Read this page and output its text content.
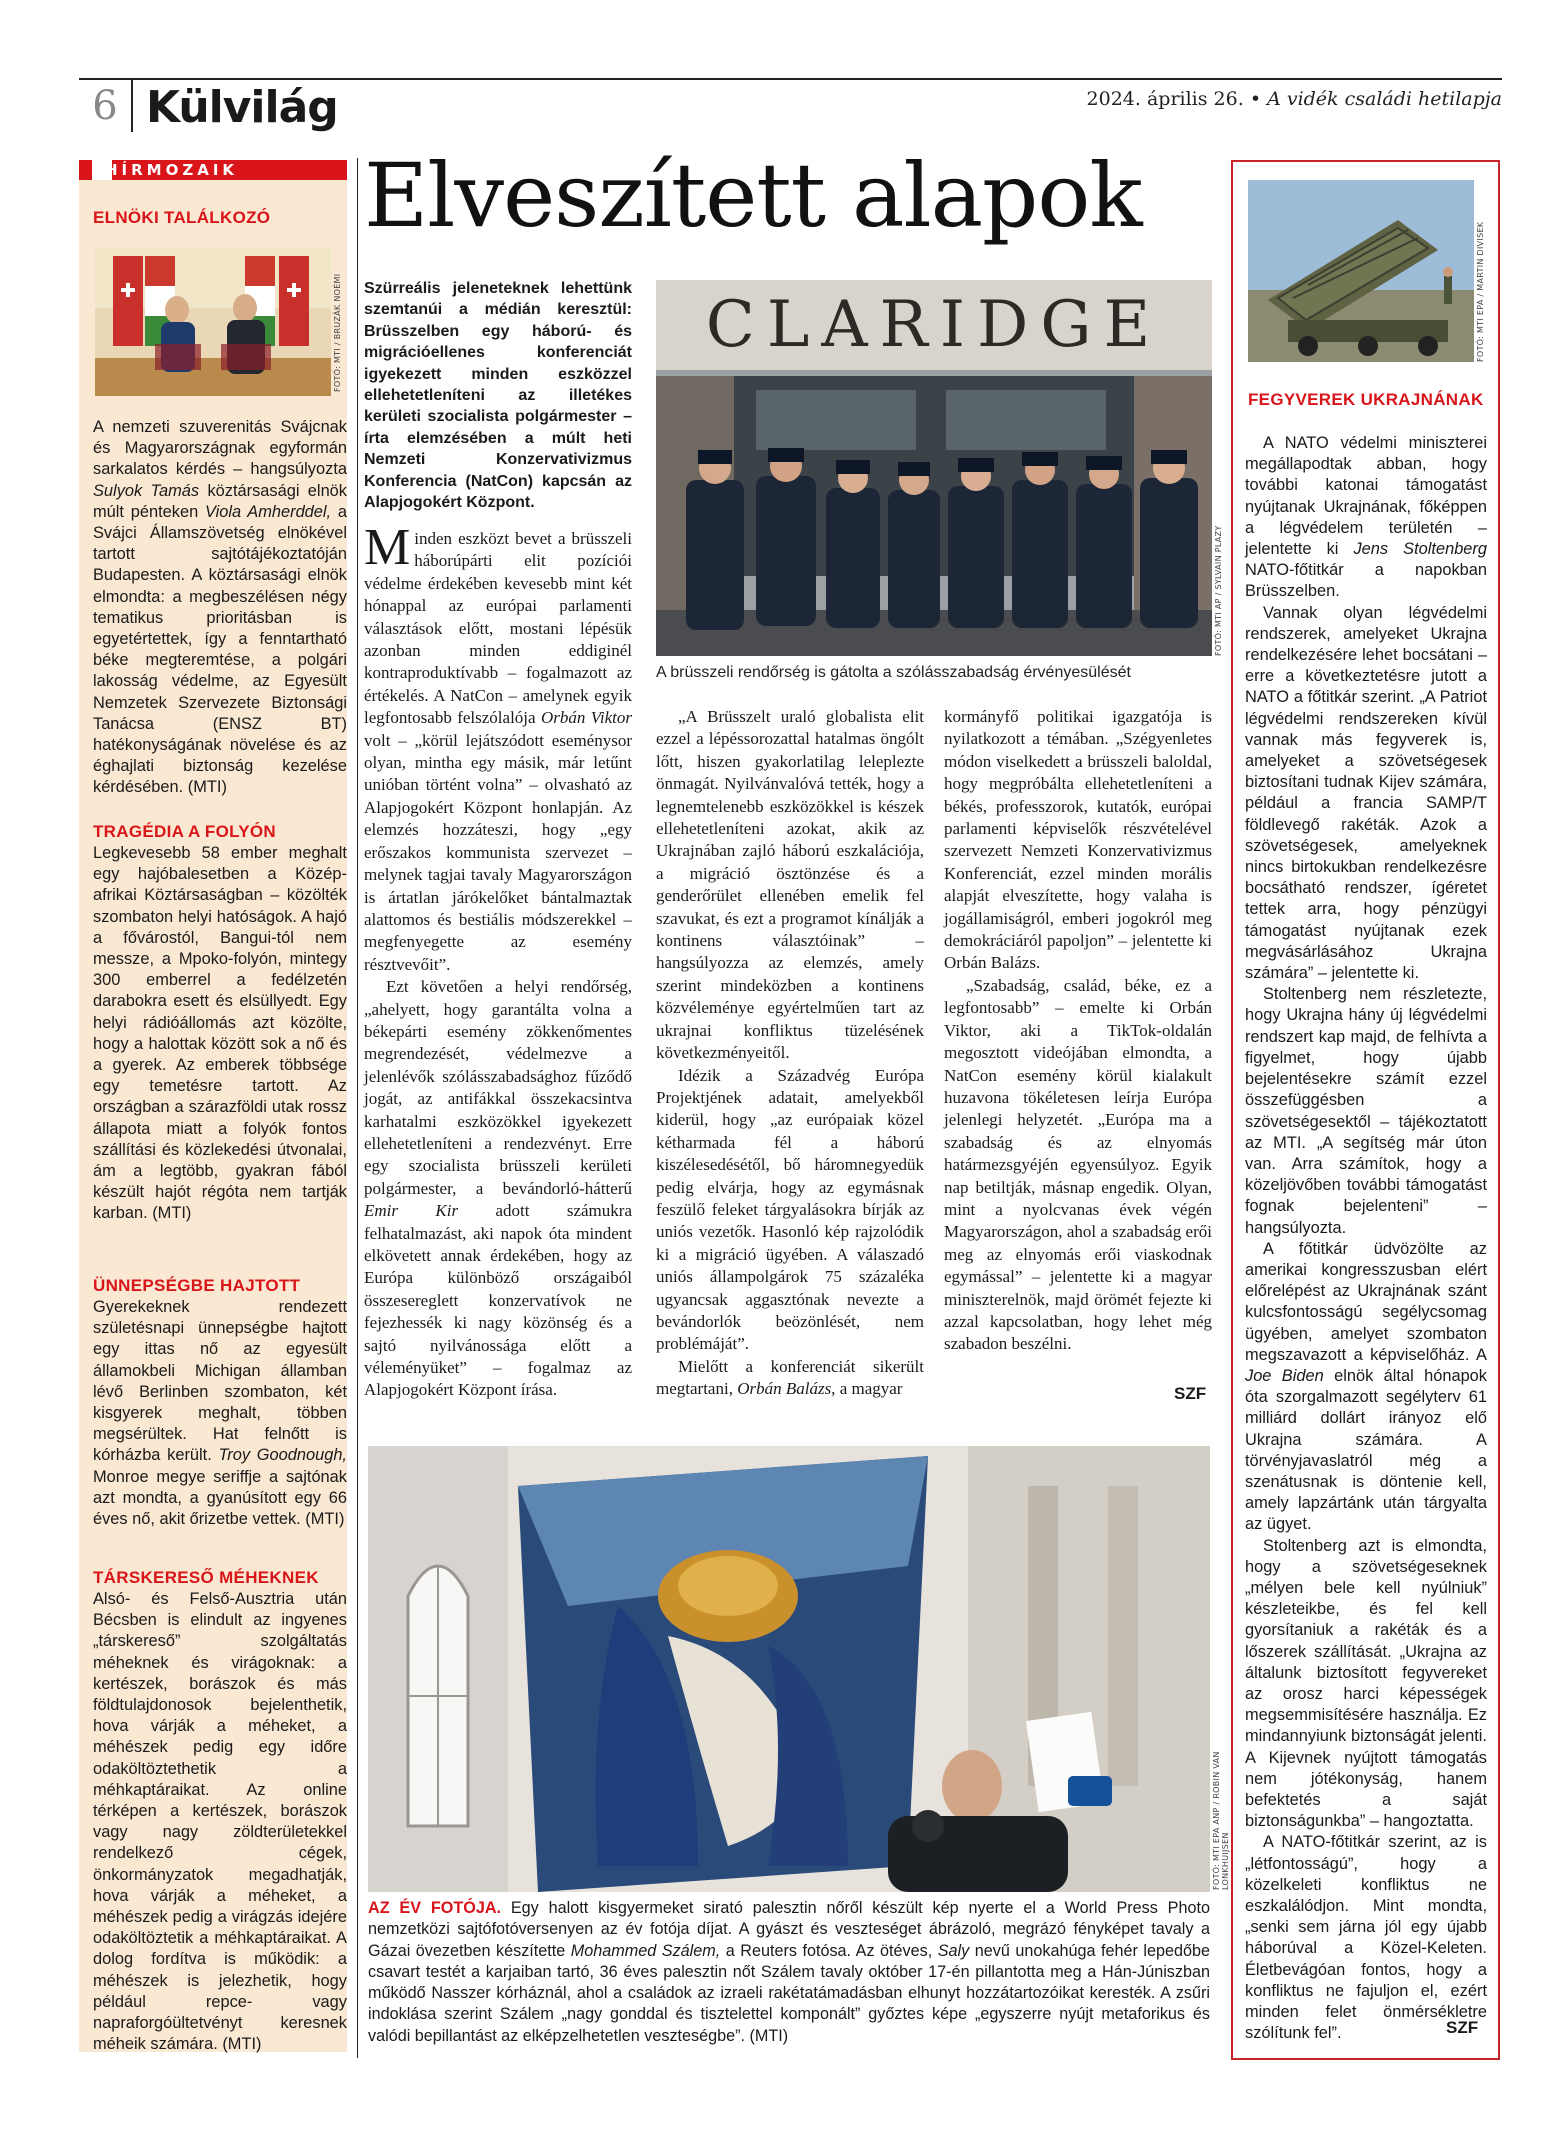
6 Külvilág	2024. április 26. • A vidék családi hetilapja
HÍRMOZAIK
ELNÖKI TALÁLKOZÓ
FOTÓ: MTI / BRUZÁK NOÉMI

A nemzeti szuverenitás Svájcnak és Magyarországnak egyformán sarkalatos kérdés – hangsúlyozta Sulyok Tamás köztársasági elnök múlt pénteken Viola Amherddel, a Svájci Államszövetség elnökével tartott sajtótájékoztatóján Budapesten. A köztársasági elnök elmondta: a megbeszélésen négy tematikus prioritásban is egyetértettek, így a fenntartható béke megteremtése, a polgári lakosság védelme, az Egyesült Nemzetek Szervezete Biztonsági Tanácsa (ENSZ BT) hatékonyságának növelése és az éghajlati biztonság kezelése kérdésében. (MTI)

TRAGÉDIA A FOLYÓN

Legkevesebb 58 ember meghalt egy hajóbalesetben a Közép-afrikai Köztársaságban – közölték szombaton helyi hatóságok. A hajó a fővárostól, Bangui-tól nem messze, a Mpoko-folyón, mintegy 300 emberrel a fedélzetén darabokra esett és elsüllyedt. Egy helyi rádióállomás azt közölte, hogy a halottak között sok a nő és a gyerek. Az emberek többsége egy temetésre tartott. Az országban a szárazföldi utak rossz állapota miatt a folyók fontos szállítási és közlekedési útvonalai, ám a legtöbb, gyakran fából készült hajót régóta nem tartják karban. (MTI)

ÜNNEPSÉGBE HAJTOTT

Gyerekeknek rendezett születésnapi ünnepségbe hajtott egy ittas nő az egyesült államokbeli Michigan államban lévő Berlinben szombaton, két kisgyerek meghalt, többen megsérültek. Hat felnőtt is kórházba került. Troy Goodnough, Monroe megye seriffje a sajtónak azt mondta, a gyanúsított egy 66 éves nő, akit őrizetbe vettek. (MTI)

TÁRSKERESŐ MÉHEKNEK

Alsó- és Felső-Ausztria után Bécsben is elindult az ingyenes „társkereső” szolgáltatás méheknek és virágoknak: a kertészek, borászok és más földtulajdonosok bejelenthetik, hova várják a méheket, a méhészek pedig egy időre odaköltöztethetik a méhkaptáraikat. Az online térképen a kertészek, borászok vagy nagy zöldterületekkel rendelkező cégek, önkormányzatok megadhatják, hova várják a méheket, a méhészek pedig a virágzás idejére odaköltöztetik a méhkaptáraikat. A dolog fordítva is működik: a méhészek is jelezhetik, hogy például repce- vagy napraforgóültetvényt keresnek méheik számára. (MTI)

Elveszített alapok
Szürreális jeleneteknek lehettünk szemtanúi a médián keresztül: Brüsszelben egy háború- és migrációellenes konferenciát igyekezett minden eszközzel ellehetetleníteni az illetékes kerületi szocialista polgármester – írta elemzésében a múlt heti Nemzeti Konzervativizmus Konferencia (NatCon) kapcsán az Alapjogokért Központ.
CLARIDGE
FOTÓ: MTI AP / SYLVAIN PLAZY
A brüsszeli rendőrség is gátolta a szólásszabadság érvényesülését

Minden eszközt bevet a brüsszeli háborúpárti elit pozíciói védelme érdekében kevesebb mint két hónappal az európai parlamenti választások előtt, mostani lépésük azonban minden eddiginél kontraproduktívabb – fogalmazott az értékelés. A NatCon – amelynek egyik legfontosabb felszólalója Orbán Viktor volt – „körül lejátszódott eseménysor olyan, mintha egy másik, már letűnt unióban történt volna” – olvasható az Alapjogokért Központ honlapján. Az elemzés hozzáteszi, hogy „egy erőszakos kommunista szervezet – melynek tagjai tavaly Magyarországon is ártatlan járókelőket bántalmaztak alattomos és bestiális módszerekkel – megfenyegette az esemény résztvevőit”.

Ezt követően a helyi rendőrség, „ahelyett, hogy garantálta volna a békepárti esemény zökkenőmentes megrendezését, védelmezve a jelenlévők szólásszabadsághoz fűződő jogát, az antifákkal összekacsintva karhatalmi eszközökkel igyekezett ellehetetleníteni a rendezvényt. Erre egy szocialista brüsszeli kerületi polgármester, a bevándorló-hátterű Emir Kir adott számukra felhatalmazást, aki napok óta mindent elkövetett annak érdekében, hogy az Európa különböző országaiból összesereglett konzervatívok ne fejezhessék ki nagy közönség és a sajtó nyilvánossága előtt a véleményüket” – fogalmaz az Alapjogokért Központ írása.

„A Brüsszelt uraló globalista elit ezzel a lépéssorozattal hatalmas öngólt lőtt, hiszen gyakorlatilag leleplezte önmagát. Nyilvánvalóvá tették, hogy a legnemtelenebb eszközökkel is készek ellehetetleníteni azokat, akik az Ukrajnában zajló háború eszkalációja, a migráció ösztönzése és a genderőrület ellenében emelik fel szavukat, és ezt a programot kínálják a kontinens választóinak” – hangsúlyozza az elemzés, amely szerint mindeközben a kontinens közvéleménye egyértelműen tart az ukrajnai konfliktus tüzelésének következményeitől.

Idézik a Századvég Európa Projektjének adatait, amelyekből kiderül, hogy „az európaiak közel kétharmada fél a háború kiszélesedésétől, bő háromnegyedük pedig elvárja, hogy az egymásnak feszülő feleket tárgyalásokra bírják az uniós vezetők. Hasonló kép rajzolódik ki a migráció ügyében. A válaszadó uniós állampolgárok 75 százaléka ugyancsak aggasztónak nevezte a bevándorlók beözönlését, nem problémáját”.

Mielőtt a konferenciát sikerült megtartani, Orbán Balázs, a magyar

kormányfő politikai igazgatója is nyilatkozott a témában. „Szégyenletes módon viselkedett a brüsszeli baloldal, hogy megpróbálta ellehetetleníteni a békés, professzorok, kutatók, európai parlamenti képviselők részvételével szervezett Nemzeti Konzervativizmus Konferenciát, ezzel minden morális alapját elveszítette, hogy valaha is jogállamiságról, emberi jogokról meg demokráciáról papoljon” – jelentette ki Orbán Balázs.

„Szabadság, család, béke, ez a legfontosabb” – emelte ki Orbán Viktor, aki a TikTok-oldalán megosztott videójában elmondta, a NatCon esemény körül kialakult huzavona tökéletesen leírja Európa jelenlegi helyzetét. „Európa ma a szabadság és az elnyomás határmezsgyéjén egyensúlyoz. Egyik nap betiltják, másnap engedik. Olyan, mint a nyolcvanas évek végén Magyarországon, ahol a szabadság erői meg az elnyomás erői viaskodnak egymással” – jelentette ki a magyar miniszterelnök, majd örömét fejezte ki azzal kapcsolatban, hogy lehet még szabadon beszélni.

SZF
FOTÓ: MTI EPA ANP / ROBIN VAN LONKHUIJSEN
AZ ÉV FOTÓJA. Egy halott kisgyermeket sirató palesztin nőről készült kép nyerte el a World Press Photo nemzetközi sajtófotóversenyen az év fotója díjat. A gyászt és veszteséget ábrázoló, megrázó fényképet tavaly a Gázai övezetben készítette Mohammed Szálem, a Reuters fotósa. Az ötéves, Saly nevű unokahúga fehér lepedőbe csavart testét a karjaiban tartó, 36 éves palesztin nőt Szálem tavaly október 17-én pillantotta meg a Hán-Júniszban működő Nasszer kórháznál, ahol a családok az izraeli rakétatámadásban elhunyt hozzátartozóikat keresték. A zsűri indoklása szerint Szálem „nagy gonddal és tisztelettel komponált” győztes képe „egyszerre nyújt metaforikus és valódi bepillantást az elképzelhetetlen veszteségbe”. (MTI)
FOTÓ: MTI EPA / MARTIN DIVISEK
FEGYVEREK UKRAJNÁNAK

A NATO védelmi miniszterei megállapodtak abban, hogy további katonai támogatást nyújtanak Ukrajnának, főképpen a légvédelem területén – jelentette ki Jens Stoltenberg NATO-főtitkár a napokban Brüsszelben.

Vannak olyan légvédelmi rendszerek, amelyeket Ukrajna rendelkezésére lehet bocsátani – erre a következtetésre jutott a NATO a főtitkár szerint. „A Patriot légvédelmi rendszereken kívül vannak más fegyverek is, amelyeket a szövetségesek biztosítani tudnak Kijev számára, például a francia SAMP/T földlevegő rakéták. Azok a szövetségesek, amelyeknek nincs birtokukban rendelkezésre bocsátható rendszer, ígéretet tettek arra, hogy pénzügyi támogatást nyújtanak ezek megvásárlásához Ukrajna számára” – jelentette ki.

Stoltenberg nem részletezte, hogy Ukrajna hány új légvédelmi rendszert kap majd, de felhívta a figyelmet, hogy újabb bejelentésekre számít ezzel összefüggésben a szövetségesektől – tájékoztatott az MTI. „A segítség már úton van. Arra számítok, hogy a közeljövőben további támogatást fognak bejelenteni” – hangsúlyozta.

A főtitkár üdvözölte az amerikai kongresszusban elért előrelépést az Ukrajnának szánt kulcsfontosságú segélycsomag ügyében, amelyet szombaton megszavazott a képviselőház. A Joe Biden elnök által hónapok óta szorgalmazott segélyterv 61 milliárd dollárt irányoz elő Ukrajna számára. A törvényjavaslatról még a szenátusnak is döntenie kell, amely lapzártánk után tárgyalta az ügyet.

Stoltenberg azt is elmondta, hogy a szövetségeseknek „mélyen bele kell nyúlniuk” készleteikbe, és fel kell gyorsítaniuk a rakéták és a lőszerek szállítását. „Ukrajna az általunk biztosított fegyvereket az orosz harci képességek megsemmisítésére használja. Ez mindannyiunk biztonságát jelenti. A Kijevnek nyújtott támogatás nem jótékonyság, hanem befektetés a saját biztonságunkba” – hangoztatta.

A NATO-főtitkár szerint, az is „létfontosságú”, hogy a közelkeleti konfliktus ne eszkalálódjon. Mint mondta, „senki sem járna jól egy újabb háborúval a Közel-Keleten. Életbevágóan fontos, hogy a konfliktus ne fajuljon el, ezért minden felet önmérsékletre szólítunk fel”.	SZF
